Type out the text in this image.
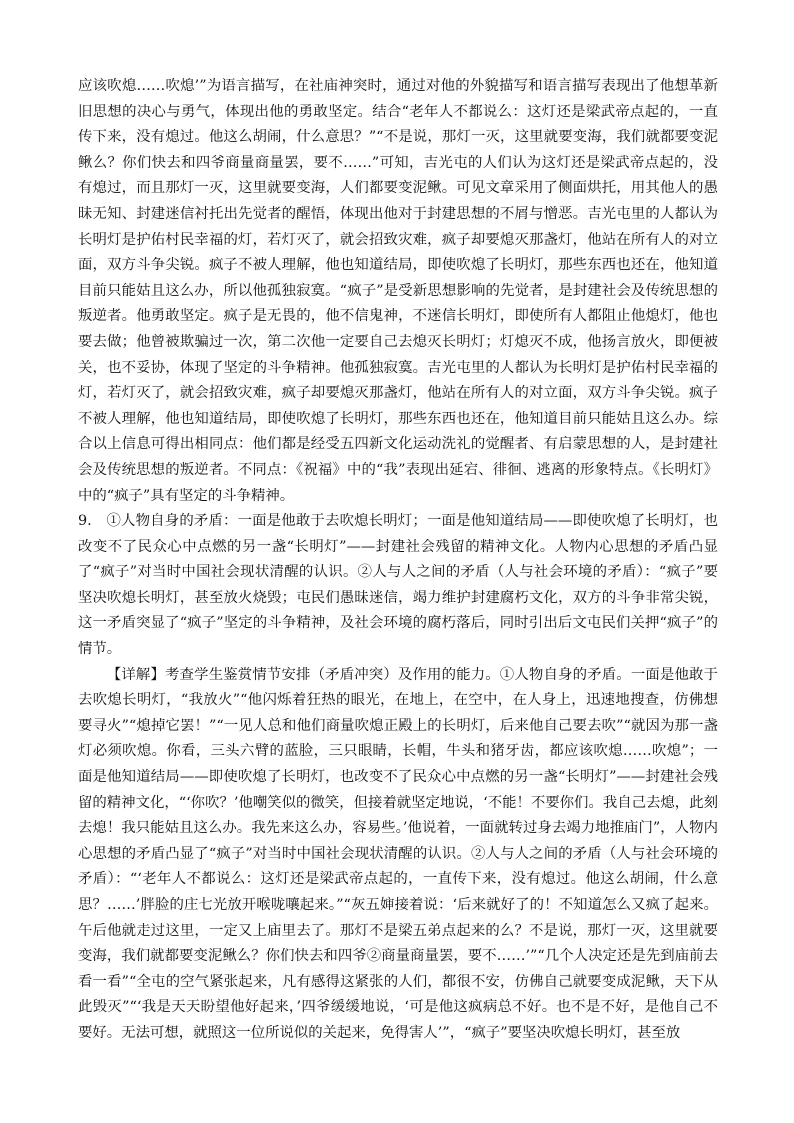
应该吹熄……吹熄’”为语言描写，在社庙神突时，通过对他的外貌描写和语言描写表现出了他想革新旧思想的决心与勇气，体现出他的勇敢坚定。结合“老年人不都说么：这灯还是梁武帝点起的，一直传下来，没有熄过。他这么胡闹，什么意思？”“不是说，那灯一灭，这里就要变海，我们就都要变泥鳅么？你们快去和四爷商量商量罢，要不……”可知，吉光屯的人们认为这灯还是梁武帝点起的，没有熄过，而且那灯一灭，这里就要变海，人们都要变泥鳅。可见文章采用了侧面烘托，用其他人的愚昧无知、封建迷信衬托出先觉者的醒悟，体现出他对于封建思想的不屑与憎恶。吉光屯里的人都认为长明灯是护佑村民幸福的灯，若灯灭了，就会招致灾难，疯子却要熄灭那盏灯，他站在所有人的对立面，双方斗争尖锐。疯子不被人理解，他也知道结局，即使吹熄了长明灯，那些东西也还在，他知道目前只能姑且这么办，所以他孤独寂寞。“疯子”是受新思想影响的先觉者，是封建社会及传统思想的叛逆者。他勇敢坚定。疯子是无畏的，他不信鬼神，不迷信长明灯，即使所有人都阻止他熄灯，他也要去做；他曾被欺骗过一次，第二次他一定要自己去熄灭长明灯；灯熄灭不成，他扬言放火，即便被关，也不妥协，体现了坚定的斗争精神。他孤独寂寞。吉光屯里的人都认为长明灯是护佑村民幸福的灯，若灯灭了，就会招致灾难，疯子却要熄灭那盏灯，他站在所有人的对立面，双方斗争尖锐。疯子不被人理解，他也知道结局，即使吹熄了长明灯，那些东西也还在，他知道目前只能姑且这么办。综合以上信息可得出相同点：他们都是经受五四新文化运动洗礼的觉醒者、有启蒙思想的人，是封建社会及传统思想的叛逆者。不同点：《祝福》中的“我”表现出延宕、徘徊、逃离的形象特点。《长明灯》中的“疯子”具有坚定的斗争精神。

9.　①人物自身的矛盾：一面是他敢于去吹熄长明灯；一面是他知道结局——即使吹熄了长明灯，也改变不了民众心中点燃的另一盏“长明灯”——封建社会残留的精神文化。人物内心思想的矛盾凸显了“疯子”对当时中国社会现状清醒的认识。②人与人之间的矛盾（人与社会环境的矛盾）：“疯子”要坚决吹熄长明灯，甚至放火烧毁；屯民们愚昧迷信，竭力维护封建腐朽文化，双方的斗争非常尖锐，这一矛盾突显了“疯子”坚定的斗争精神，及社会环境的腐朽落后，同时引出后文屯民们关押“疯子”的情节。

【详解】考查学生鉴赏情节安排（矛盾冲突）及作用的能力。①人物自身的矛盾。一面是他敢于去吹熄长明灯，“我放火”“他闪烁着狂热的眼光，在地上，在空中，在人身上，迅速地搜查，仿佛想要寻火”“熄掉它罢！”“一见人总和他们商量吹熄正殿上的长明灯，后来他自己要去吹”“就因为那一盏灯必须吹熄。你看，三头六臂的蓝脸，三只眼睛，长帽，牛头和猪牙齿，都应该吹熄……吹熄”；一面是他知道结局——即使吹熄了长明灯，也改变不了民众心中点燃的另一盏“长明灯”——封建社会残留的精神文化，“‘你吹？’他嘲笑似的微笑，但接着就坚定地说，‘不能！不要你们。我自己去熄，此刻去熄！我只能姑且这么办。我先来这么办，容易些。’他说着，一面就转过身去竭力地推庙门”，人物内心思想的矛盾凸显了“疯子”对当时中国社会现状清醒的认识。②人与人之间的矛盾（人与社会环境的矛盾）：“‘老年人不都说么：这灯还是梁武帝点起的，一直传下来，没有熄过。他这么胡闹，什么意思？……’胖脸的庄七光放开喉咙嚷起来。”“灰五婶接着说：‘后来就好了的！不知道怎么又疯了起来。午后他就走过这里，一定又上庙里去了。那灯不是梁五弟点起来的么？不是说，那灯一灭，这里就要变海，我们就都要变泥鳅么？你们快去和四爷②商量商量罢，要不……’”“几个人决定还是先到庙前去看一看”“全屯的空气紧张起来，凡有感得这紧张的人们，都很不安，仿佛自己就要变成泥鳅，天下从此毁灭”“‘我是天天盼望他好起来，’四爷缓缓地说，‘可是他这疯病总不好。也不是不好，是他自己不要好。无法可想，就照这一位所说似的关起来，免得害人’”，“疯子”要坚决吹熄长明灯，甚至放
